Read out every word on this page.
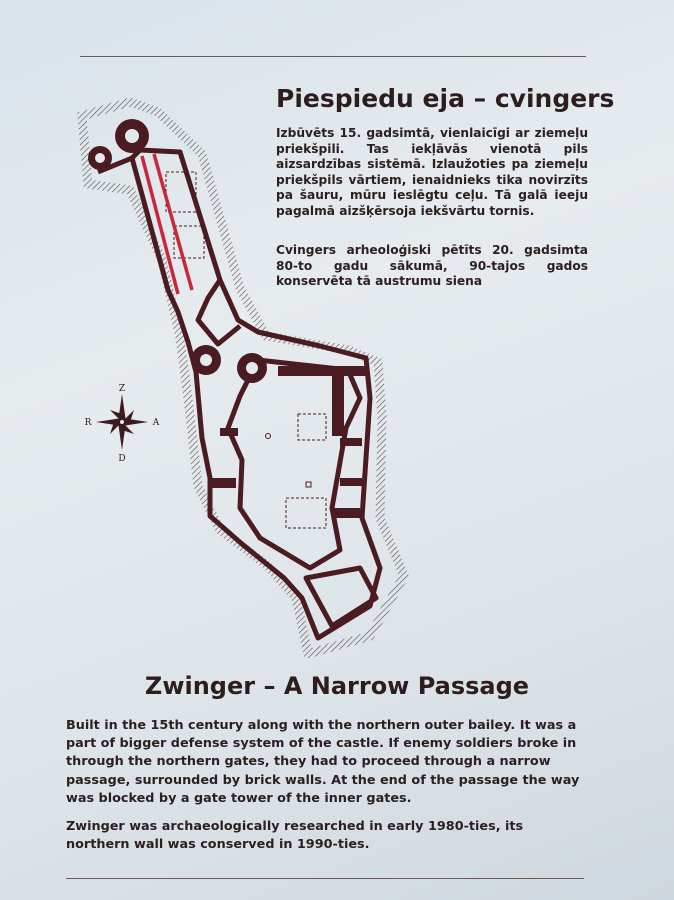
Piespiedu eja – cvingers

Izbūvēts 15. gadsimtā, vienlaicīgi ar ziemeļu priekšpili. Tas iekļāvās vienotā pils aizsardzības sistēmā. Izlaužoties pa ziemeļu priekšpils vārtiem, ienaidnieks tika novirzīts pa šauru, mūru ieslēgtu ceļu. Tā galā ieeju pagalmā aizšķērsoja iekšvārtu tornis.

Cvingers arheoloģiski pētīts 20. gadsimta 80-to gadu sākumā, 90-tajos gados konservēta tā austrumu siena

Z
D
R	A
Zwinger – A Narrow Passage

Built in the 15th century along with the northern outer bailey. It was a part of bigger defense system of the castle. If enemy soldiers broke in through the northern gates, they had to proceed through a narrow passage, surrounded by brick walls. At the end of the passage the way was blocked by a gate tower of the inner gates.

Zwinger was archaeologically researched in early 1980-ties, its northern wall was conserved in 1990-ties.
